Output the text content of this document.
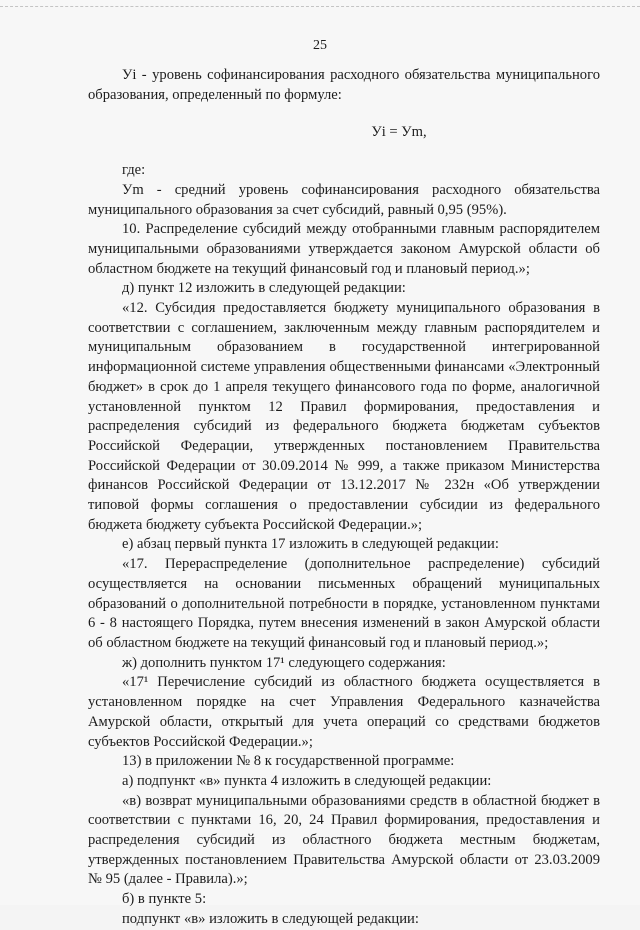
25

Уi - уровень софинансирования расходного обязательства муниципального образования, определенный по формуле:

Уi = Уm,

где:

Уm - средний уровень софинансирования расходного обязательства муниципального образования за счет субсидий, равный 0,95 (95%).

10. Распределение субсидий между отобранными главным распорядителем муниципальными образованиями утверждается законом Амурской области об областном бюджете на текущий финансовый год и плановый период.»;

д) пункт 12 изложить в следующей редакции:

«12. Субсидия предоставляется бюджету муниципального образования в соответствии с соглашением, заключенным между главным распорядителем и муниципальным образованием в государственной интегрированной информационной системе управления общественными финансами «Электронный бюджет» в срок до 1 апреля текущего финансового года по форме, аналогичной установленной пунктом 12 Правил формирования, предоставления и распределения субсидий из федерального бюджета бюджетам субъектов Российской Федерации, утвержденных постановлением Правительства Российской Федерации от 30.09.2014 № 999, а также приказом Министерства финансов Российской Федерации от 13.12.2017 № 232н «Об утверждении типовой формы соглашения о предоставлении субсидии из федерального бюджета бюджету субъекта Российской Федерации.»;

е) абзац первый пункта 17 изложить в следующей редакции:

«17. Перераспределение (дополнительное распределение) субсидий осуществляется на основании письменных обращений муниципальных образований о дополнительной потребности в порядке, установленном пунктами 6 - 8 настоящего Порядка, путем внесения изменений в закон Амурской области об областном бюджете на текущий финансовый год и плановый период.»;

ж) дополнить пунктом 17¹ следующего содержания:

«17¹ Перечисление субсидий из областного бюджета осуществляется в установленном порядке на счет Управления Федерального казначейства Амурской области, открытый для учета операций со средствами бюджетов субъектов Российской Федерации.»;

13) в приложении № 8 к государственной программе:

а) подпункт «в» пункта 4 изложить в следующей редакции:

«в) возврат муниципальными образованиями средств в областной бюджет в соответствии с пунктами 16, 20, 24 Правил формирования, предоставления и распределения субсидий из областного бюджета местным бюджетам, утвержденных постановлением Правительства Амурской области от 23.03.2009 № 95 (далее - Правила).»;

б) в пункте 5:

подпункт «в» изложить в следующей редакции:
